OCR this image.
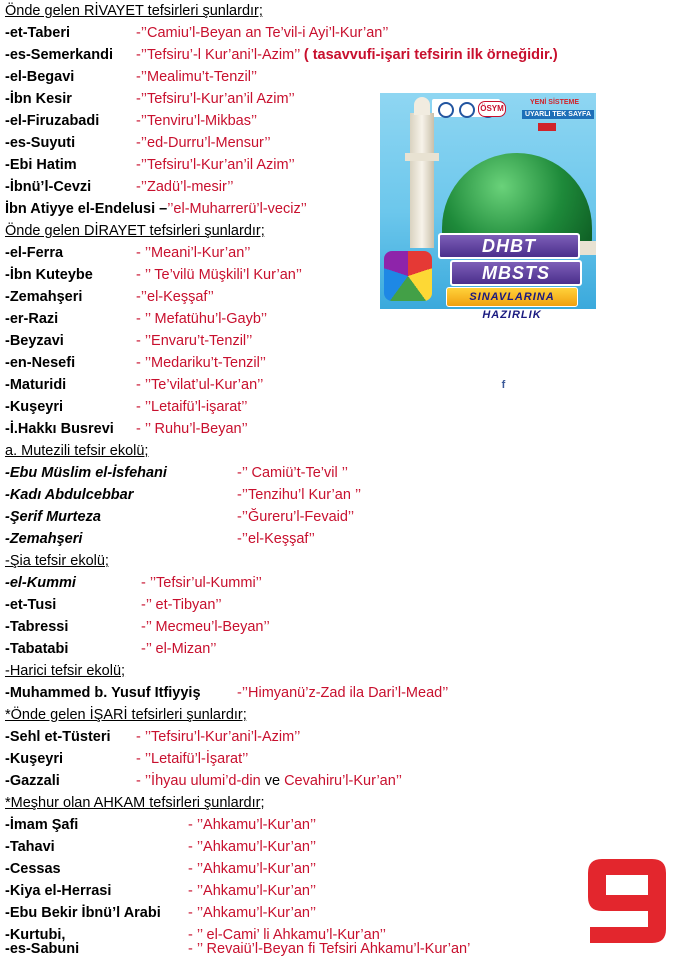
Önde gelen RİVAYET tefsirleri şunlardır;
-et-Taberi	-’’Camiu’l-Beyan an Te’vil-i Ayi’l-Kur’an’’
-es-Semerkandi -’’Tefsiru’-l Kur’ani’l-Azim’’ ( tasavvufi-işari tefsirin ilk örneğidir.)
-el-Begavi	-’’Mealimu’t-Tenzil’’
-İbn Kesir	-’’Tefsiru’l-Kur’an’il Azim’’
-el-Firuzabadi	-’’Tenviru’l-Mikbas’’
-es-Suyuti	-’’ed-Durru’l-Mensur’’
-Ebi Hatim	-’’Tefsiru’l-Kur’an’il Azim’’
-İbnü’l-Cevzi	-’’Zadü’l-mesir’’
İbn Atiyye el-Endelusi –’’el-Muharrerü’l-veciz’’
Önde gelen DİRAYET tefsirleri şunlardır;
-el-Ferra	- ’’Meani’l-Kur’an’’
-İbn Kuteybe	- ’’ Te’vilü Müşkili’l Kur’an’’
-Zemahşeri	-’’el-Keşşaf’’
-er-Razi	- ’’ Mefatühu’l-Gayb’’
-Beyzavi	- ’’Envaru’t-Tenzil’’
-en-Nesefi	- ’’Medariku’t-Tenzil’’
-Maturidi	- ’’Te’vilat’ul-Kur’an’’
-Kuşeyri	- ’’Letaifü’l-işarat’’
-İ.Hakkı Busrevi - ’’ Ruhu’l-Beyan’’
a. Mutezili tefsir ekolü;
-Ebu Müslim el-İsfehani	-’’ Camiü’t-Te’vil ’’
-Kadı Abdulcebbar	-’’Tenzihu’l Kur’an ’’
-Şerif Murteza	-’’Ğureru’l-Fevaid’’
-Zemahşeri	-’’el-Keşşaf’’
-Şia tefsir ekolü;
-el-Kummi	- ’’Tefsir’ul-Kummi’’
-et-Tusi	-’’ et-Tibyan’’
-Tabressi	-’’ Mecmeu’l-Beyan’’
-Tabatabi	-’’ el-Mizan’’
-Harici tefsir ekolü;
-Muhammed b. Yusuf Itfiyyiş	-’’Himyanü’z-Zad ila Dari’l-Mead’’
*Önde gelen İŞARİ tefsirleri şunlardır;
-Sehl et-Tüsteri - ’’Tefsiru’l-Kur’ani’l-Azim’’
-Kuşeyri	- ’’Letaifü’l-İşarat’’
-Gazzali	- ’’İhyau ulumi’d-din ve Cevahiru’l-Kur’an’’
*Meşhur olan AHKAM tefsirleri şunlardır;
-İmam Şafi	- ’’Ahkamu’l-Kur’an’’
-Tahavi	- ’’Ahkamu’l-Kur’an’’
-Cessas	- ’’Ahkamu’l-Kur’an’’
-Kiya el-Herrasi	- ’’Ahkamu’l-Kur’an’’
-Ebu Bekir İbnü’l Arabi - ’’Ahkamu’l-Kur’an’’
-Kurtubi,	- ’’ el-Cami’ li Ahkamu’l-Kur’an’’
-es-Sabuni	- ’’ Revaiü’l-Beyan fi Tefsiri Ahkamu’l-Kur’an’
ÖSYM
YENİ SİSTEME
UYARLI TEK SAYFA

f
DHBT
MBSTS
SINAVLARINA HAZIRLIK
